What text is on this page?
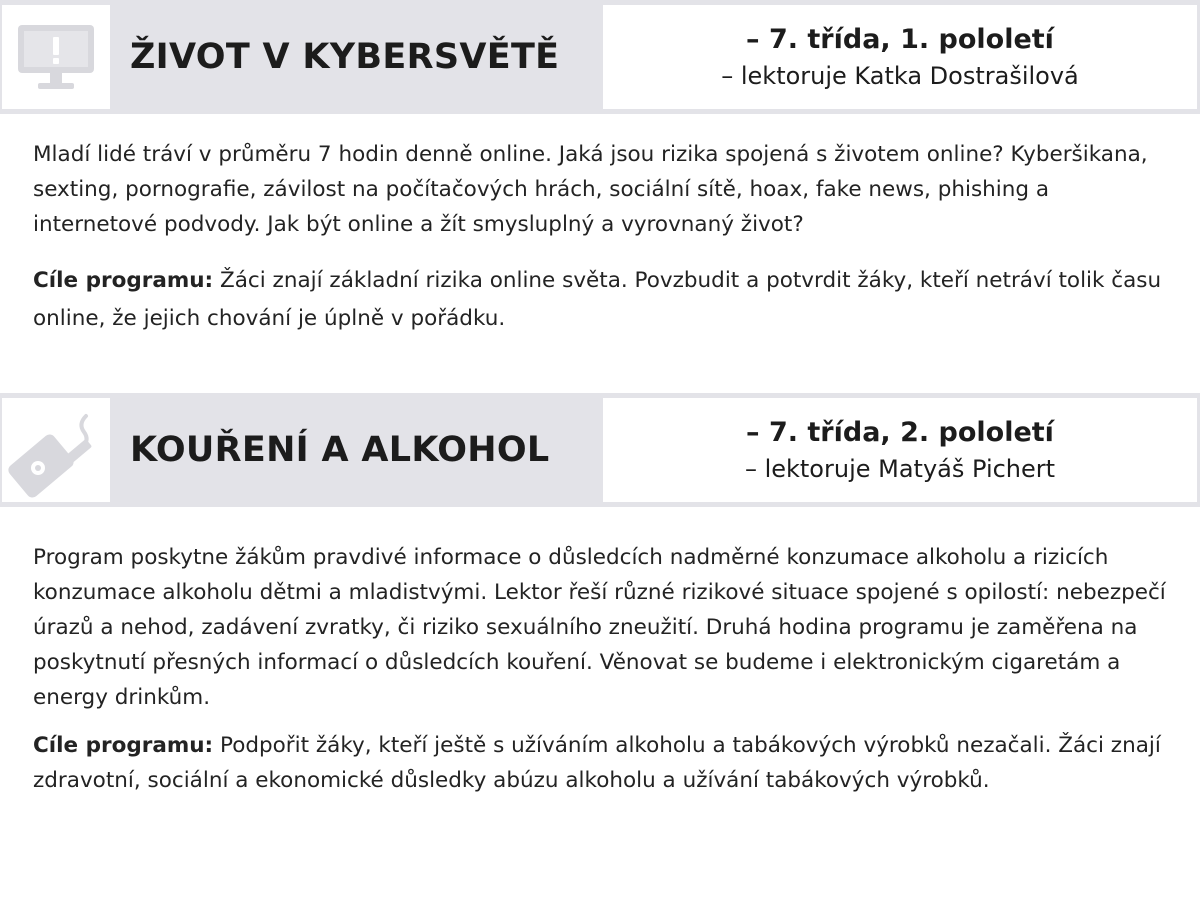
ŽIVOT V KYBERSVĚTĚ	– 7. třída, 1. pololetí
– lektoruje Katka Dostrašilová

Mladí lidé tráví v průměru 7 hodin denně online. Jaká jsou rizika spojená s životem online? Kyberšikana, sexting, pornografie, závilost na počítačových hrách, sociální sítě, hoax, fake news, phishing a internetové podvody. Jak být online a žít smysluplný a vyrovnaný život?

Cíle programu: Žáci znají základní rizika online světa. Povzbudit a potvrdit žáky, kteří netráví tolik času online, že jejich chování je úplně v pořádku.

KOUŘENÍ A ALKOHOL	– 7. třída, 2. pololetí
– lektoruje Matyáš Pichert

Program poskytne žákům pravdivé informace o důsledcích nadměrné konzumace alkoholu a rizicích konzumace alkoholu dětmi a mladistvými. Lektor řeší různé rizikové situace spojené s opilostí: nebezpečí úrazů a nehod, zadávení zvratky, či riziko sexuálního zneužití. Druhá hodina programu je zaměřena na poskytnutí přesných informací o důsledcích kouření. Věnovat se budeme i elektronickým cigaretám a energy drinkům.

Cíle programu: Podpořit žáky, kteří ještě s užíváním alkoholu a tabákových výrobků nezačali. Žáci znají zdravotní, sociální a ekonomické důsledky abúzu alkoholu a užívání tabákových výrobků.
